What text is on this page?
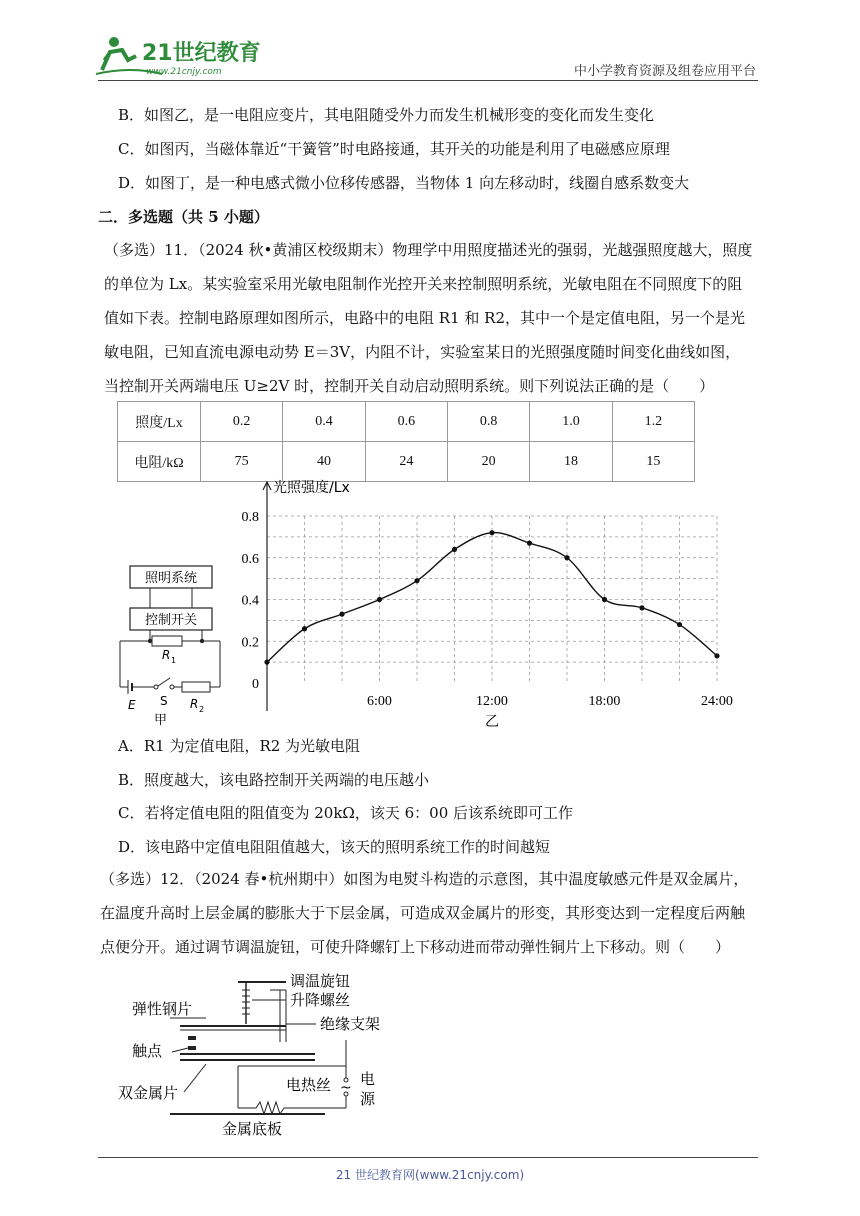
21世纪教育
www.21cnjy.com	中小学教育资源及组卷应用平台
B．如图乙，是一电阻应变片，其电阻随受外力而发生机械形变的变化而发生变化
C．如图丙，当磁体靠近“干簧管”时电路接通，其开关的功能是利用了电磁感应原理
D．如图丁，是一种电感式微小位移传感器，当物体 1 向左移动时，线圈自感系数变大
二．多选题（共 5 小题）
（多选）11．（2024 秋•黄浦区校级期末）物理学中用照度描述光的强弱，光越强照度越大，照度的单位为 Lx。某实验室采用光敏电阻制作光控开关来控制照明系统，光敏电阻在不同照度下的阻值如下表。控制电路原理如图所示，电路中的电阻 R1 和 R2，其中一个是定值电阻，另一个是光敏电阻，已知直流电源电动势 E＝3V，内阻不计，实验室某日的光照强度随时间变化曲线如图，当控制开关两端电压 U≥2V 时，控制开关自动启动照明系统。则下列说法正确的是（　　）
照度/Lx	0.2	0.4	0.6	0.8	1.0	1.2
电阻/kΩ	75	40	24	20	18	15
照明系统
控制开关
R 1
E S R 2
甲
0
0.2
0.4
0.6
0.8
6:00	12:00	18:00	24:00
光照强度/Lx
乙
A．R1 为定值电阻，R2 为光敏电阻
B．照度越大，该电路控制开关两端的电压越小
C．若将定值电阻的阻值变为 20kΩ，该天 6：00 后该系统即可工作
D．该电路中定值电阻阻值越大，该天的照明系统工作的时间越短
（多选）12．（2024 春•杭州期中）如图为电熨斗构造的示意图，其中温度敏感元件是双金属片，在温度升高时上层金属的膨胀大于下层金属，可造成双金属片的形变，其形变达到一定程度后两触点便分开。通过调节调温旋钮，可使升降螺钉上下移动进而带动弹性铜片上下移动。则（　　）
调温旋钮
升降螺丝
绝缘支架
弹性钢片
触点
双金属片	电热丝 ~ 电
源
金属底板
21 世纪教育网(www.21cnjy.com)
